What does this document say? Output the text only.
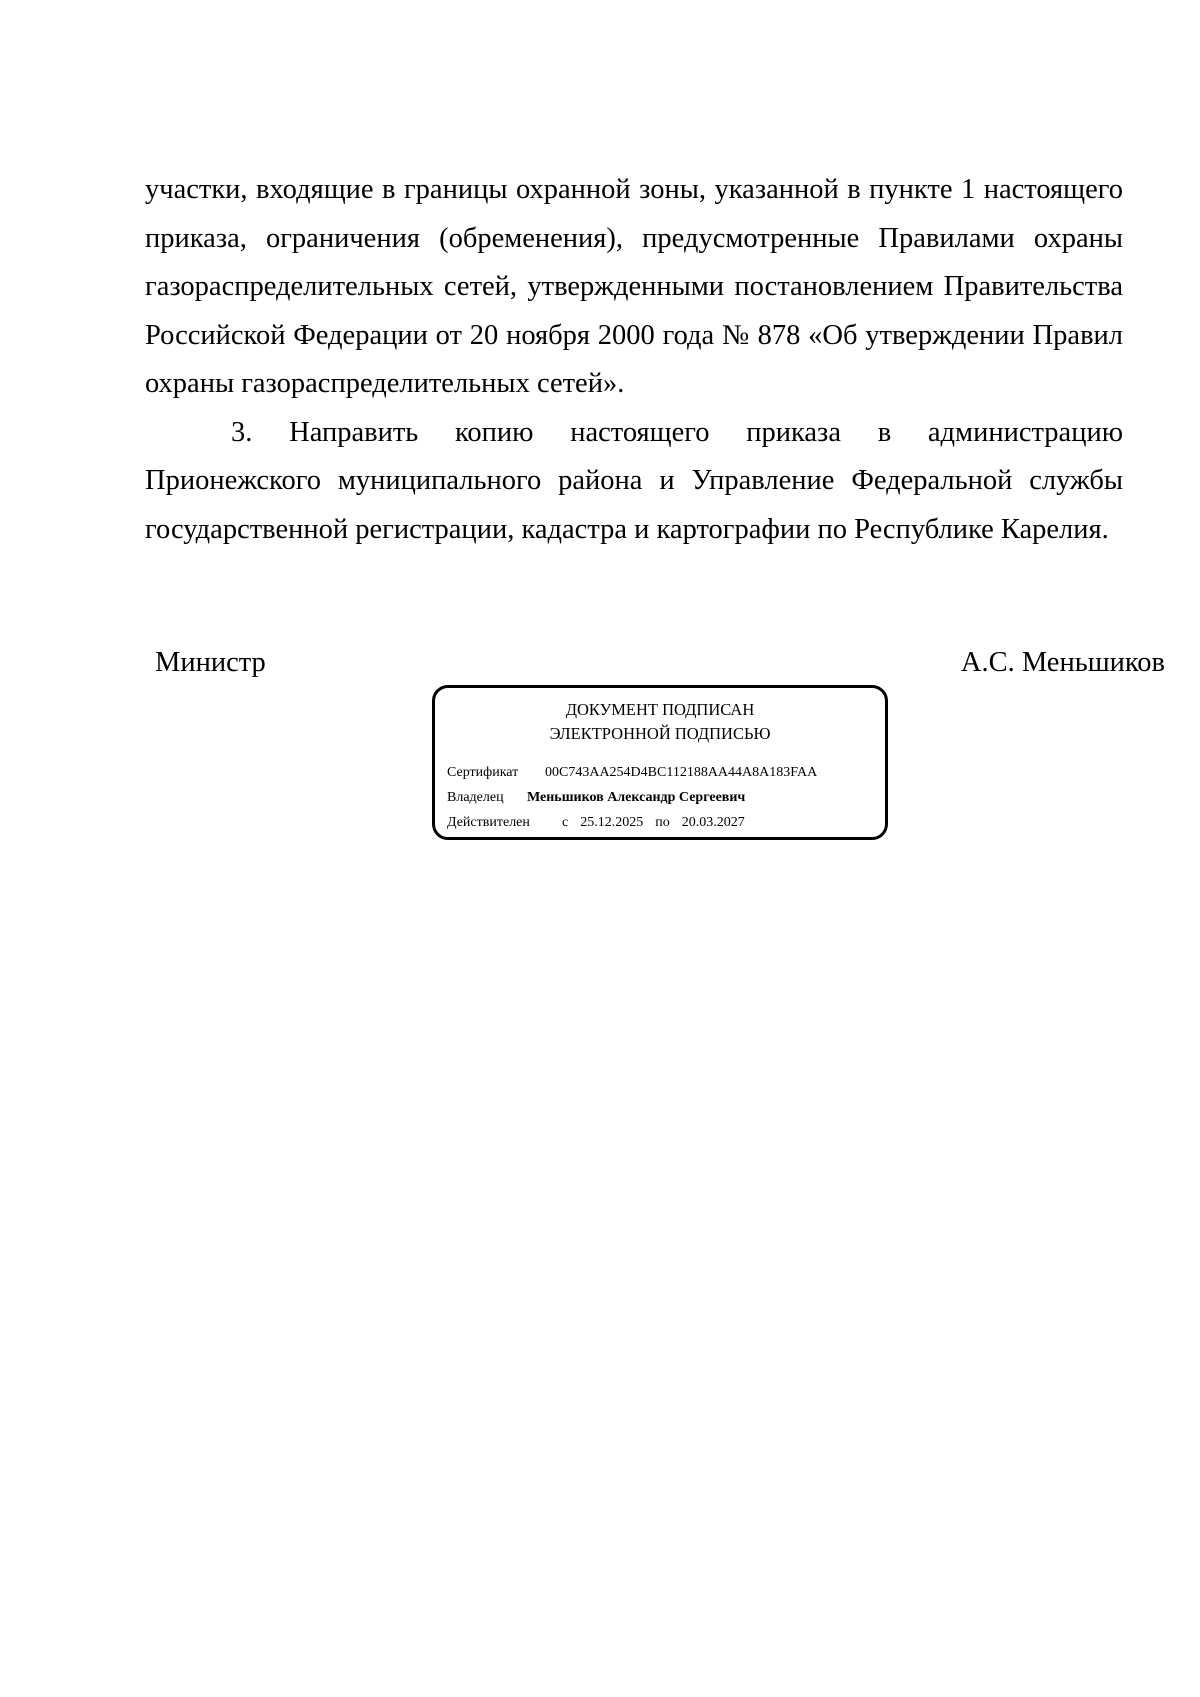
участки, входящие в границы охранной зоны, указанной в пункте 1 настоящего приказа, ограничения (обременения), предусмотренные Правилами охраны газораспределительных сетей, утвержденными постановлением Правительства Российской Федерации от 20 ноября 2000 года № 878 «Об утверждении Правил охраны газораспределительных сетей».

3. Направить копию настоящего приказа в администрацию Прионежского муниципального района и Управление Федеральной службы государственной регистрации, кадастра и картографии по Республике Карелия.

Министр	А.С. Меньшиков
ДОКУМЕНТ ПОДПИСАН
ЭЛЕКТРОННОЙ ПОДПИСЬЮ
Сертификат 00C743AA254D4BC112188AA44A8A183FAA
Владелец Меньшиков Александр Сергеевич
Действителен с 25.12.2025 по 20.03.2027
